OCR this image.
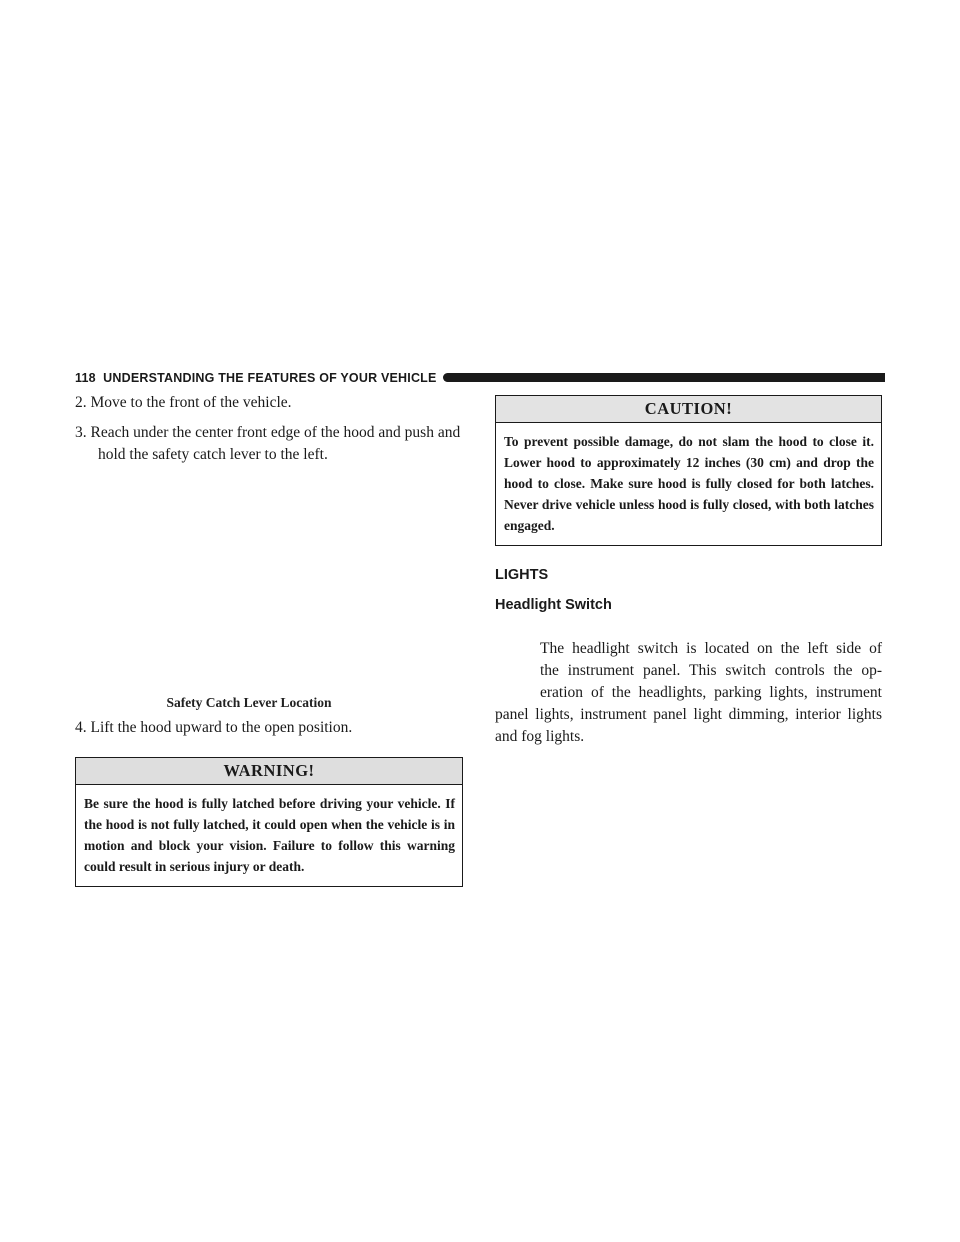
118 UNDERSTANDING THE FEATURES OF YOUR VEHICLE

2. Move to the front of the vehicle.

3. Reach under the center front edge of the hood and push and hold the safety catch lever to the left.

Safety Catch Lever Location

4. Lift the hood upward to the open position.

WARNING!
Be sure the hood is fully latched before driving your vehicle. If the hood is not fully latched, it could open when the vehicle is in motion and block your vision. Failure to follow this warning could result in serious injury or death.
CAUTION!
To prevent possible damage, do not slam the hood to close it. Lower hood to approximately 12 inches (30 cm) and drop the hood to close. Make sure hood is fully closed for both latches. Never drive vehicle unless hood is fully closed, with both latches engaged.

LIGHTS

Headlight Switch

The headlight switch is located on the left side of
the instrument panel. This switch controls the op-
eration of the headlights, parking lights, instrument
panel lights, instrument panel light dimming, interior lights and fog lights.
